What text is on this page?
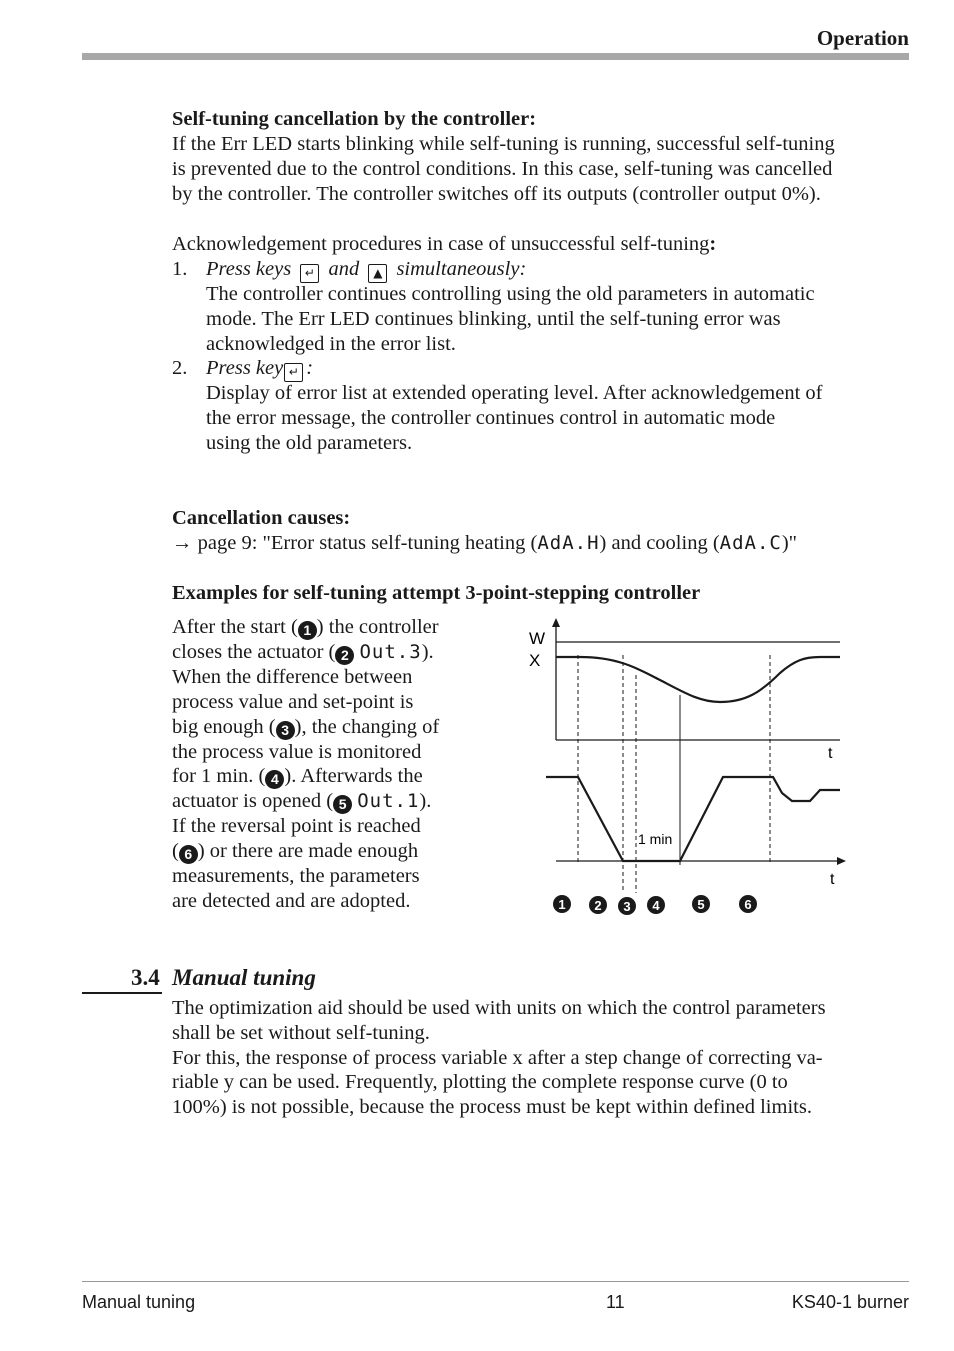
Operation
Self-tuning cancellation by the controller:
If the Err LED starts blinking while self-tuning is running, successful self-tuning
is prevented due to the control conditions. In this case, self-tuning was cancelled
by the controller. The controller switches off its outputs (controller output 0%).
Acknowledgement procedures in case of unsuccessful self-tuning:
1. Press keys ↵ and ▲ simultaneously:
The controller continues controlling using the old parameters in automatic
mode. The Err LED continues blinking, until the self-tuning error was
acknowledged in the error list.
2. Press key ↵ :
Display of error list at extended operating level. After acknowledgement of
the error message, the controller continues control in automatic mode
using the old parameters.
Cancellation causes:
→ page 9: "Error status self-tuning heating (AdA.H) and cooling (AdA.C)"
Examples for self-tuning attempt 3-point-stepping controller
After the start ( 1 ) the controller
closes the actuator ( 2 Out.3).
When the difference between
process value and set-point is
big enough ( 3 ), the changing of
the process value is monitored
for 1 min. ( 4 ). Afterwards the
actuator is opened ( 5 Out.1).
If the reversal point is reached
( 6 ) or there are made enough
measurements, the parameters
are detected and are adopted.
W
X
t
t
1 min
1 2 3 4	5	6
3.4 Manual tuning
The optimization aid should be used with units on which the control parameters
shall be set without self-tuning.
For this, the response of process variable x after a step change of correcting va-
riable y can be used. Frequently, plotting the complete response curve (0 to
100%) is not possible, because the process must be kept within defined limits.
Manual tuning	11	KS40-1 burner
